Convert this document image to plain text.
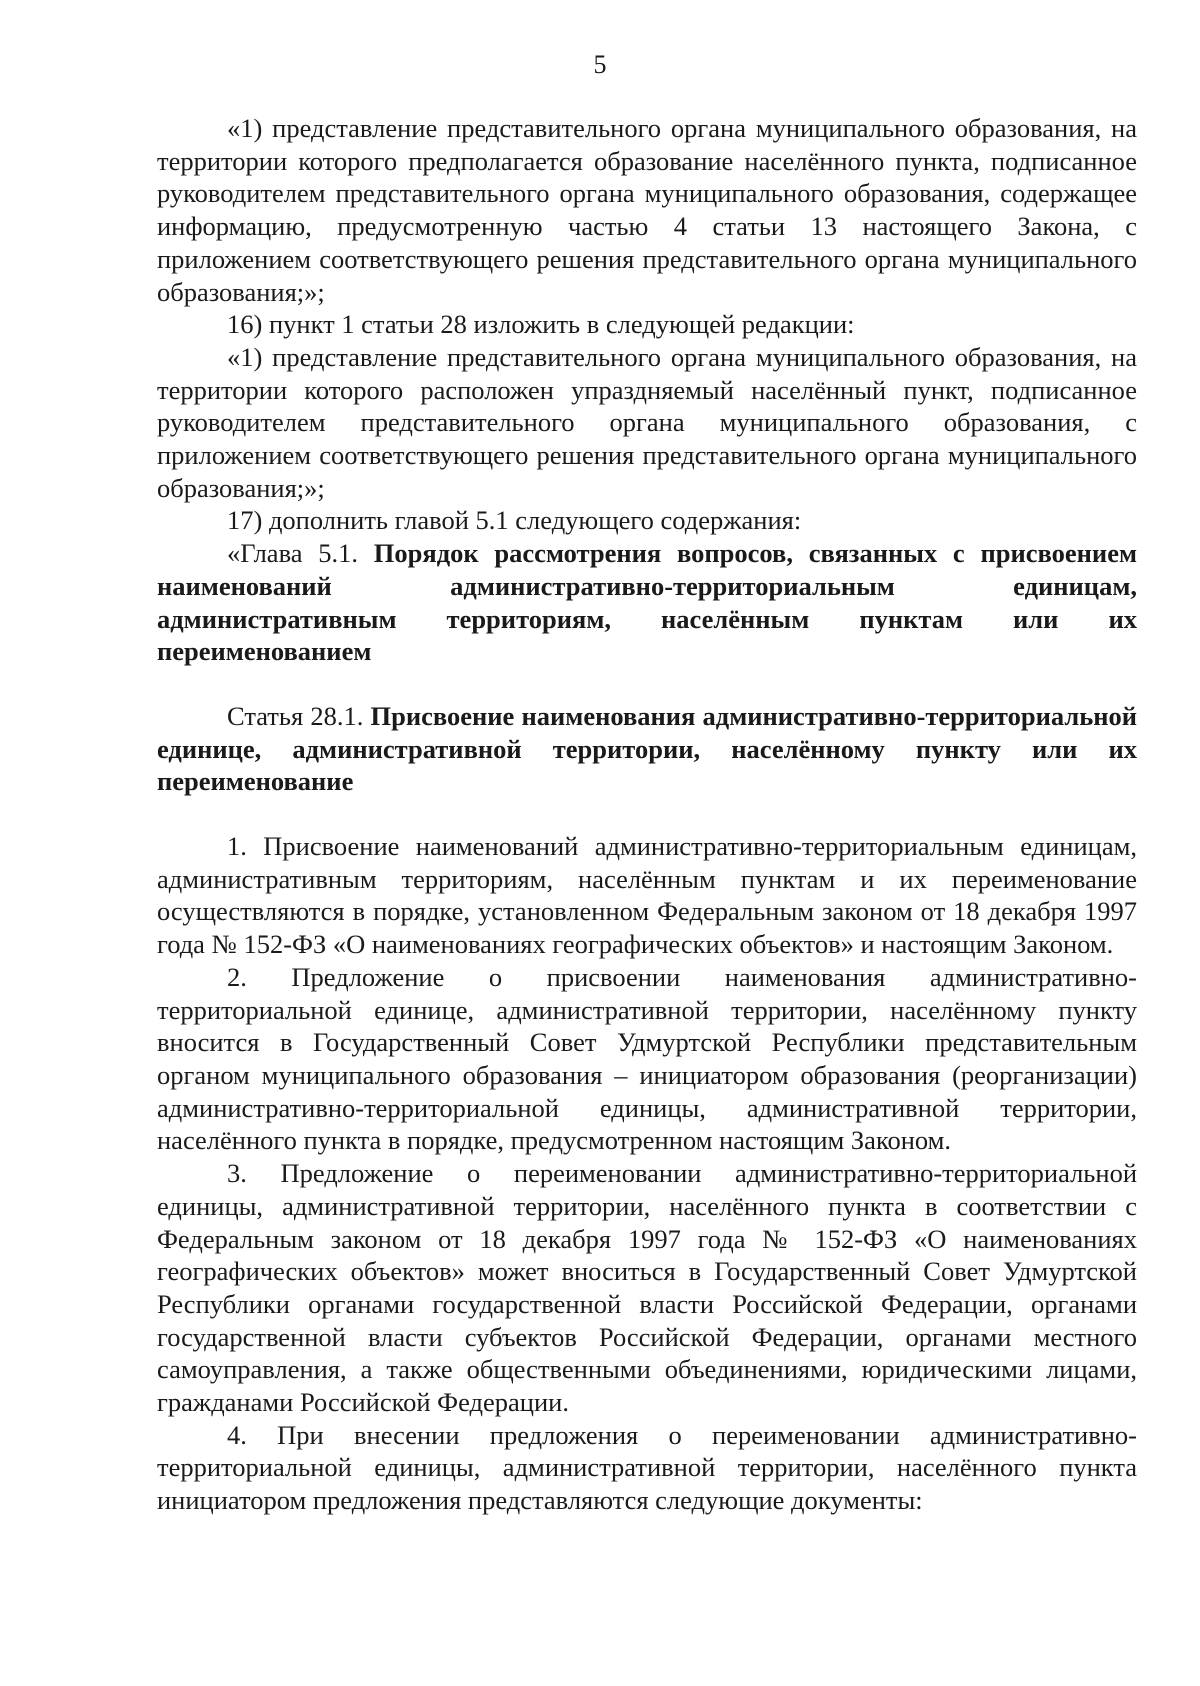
5

«1) представление представительного органа муниципального образования, на территории которого предполагается образование населённого пункта, подписанное руководителем представительного органа муниципального образования, содержащее информацию, предусмотренную частью 4 статьи 13 настоящего Закона, с приложением соответствующего решения представительного органа муниципального образования;»;

16) пункт 1 статьи 28 изложить в следующей редакции:

«1) представление представительного органа муниципального образования, на территории которого расположен упраздняемый населённый пункт, подписанное руководителем представительного органа муниципального образования, с приложением соответствующего решения представительного органа муниципального образования;»;

17) дополнить главой 5.1 следующего содержания:

«Глава 5.1. Порядок рассмотрения вопросов, связанных с присвоением наименований административно-территориальным единицам, административным территориям, населённым пунктам или их переименованием
Статья 28.1. Присвоение наименования административно-территориальной единице, административной территории, населённому пункту или их переименование

1. Присвоение наименований административно-территориальным единицам, административным территориям, населённым пунктам и их переименование осуществляются в порядке, установленном Федеральным законом от 18 декабря 1997 года № 152-ФЗ «О наименованиях географических объектов» и настоящим Законом.

2. Предложение о присвоении наименования административно-территориальной единице, административной территории, населённому пункту вносится в Государственный Совет Удмуртской Республики представительным органом муниципального образования – инициатором образования (реорганизации) административно-территориальной единицы, административной территории, населённого пункта в порядке, предусмотренном настоящим Законом.

3. Предложение о переименовании административно-территориальной единицы, административной территории, населённого пункта в соответствии с Федеральным законом от 18 декабря 1997 года № 152-ФЗ «О наименованиях географических объектов» может вноситься в Государственный Совет Удмуртской Республики органами государственной власти Российской Федерации, органами государственной власти субъектов Российской Федерации, органами местного самоуправления, а также общественными объединениями, юридическими лицами, гражданами Российской Федерации.

4. При внесении предложения о переименовании административно-территориальной единицы, административной территории, населённого пункта инициатором предложения представляются следующие документы:
